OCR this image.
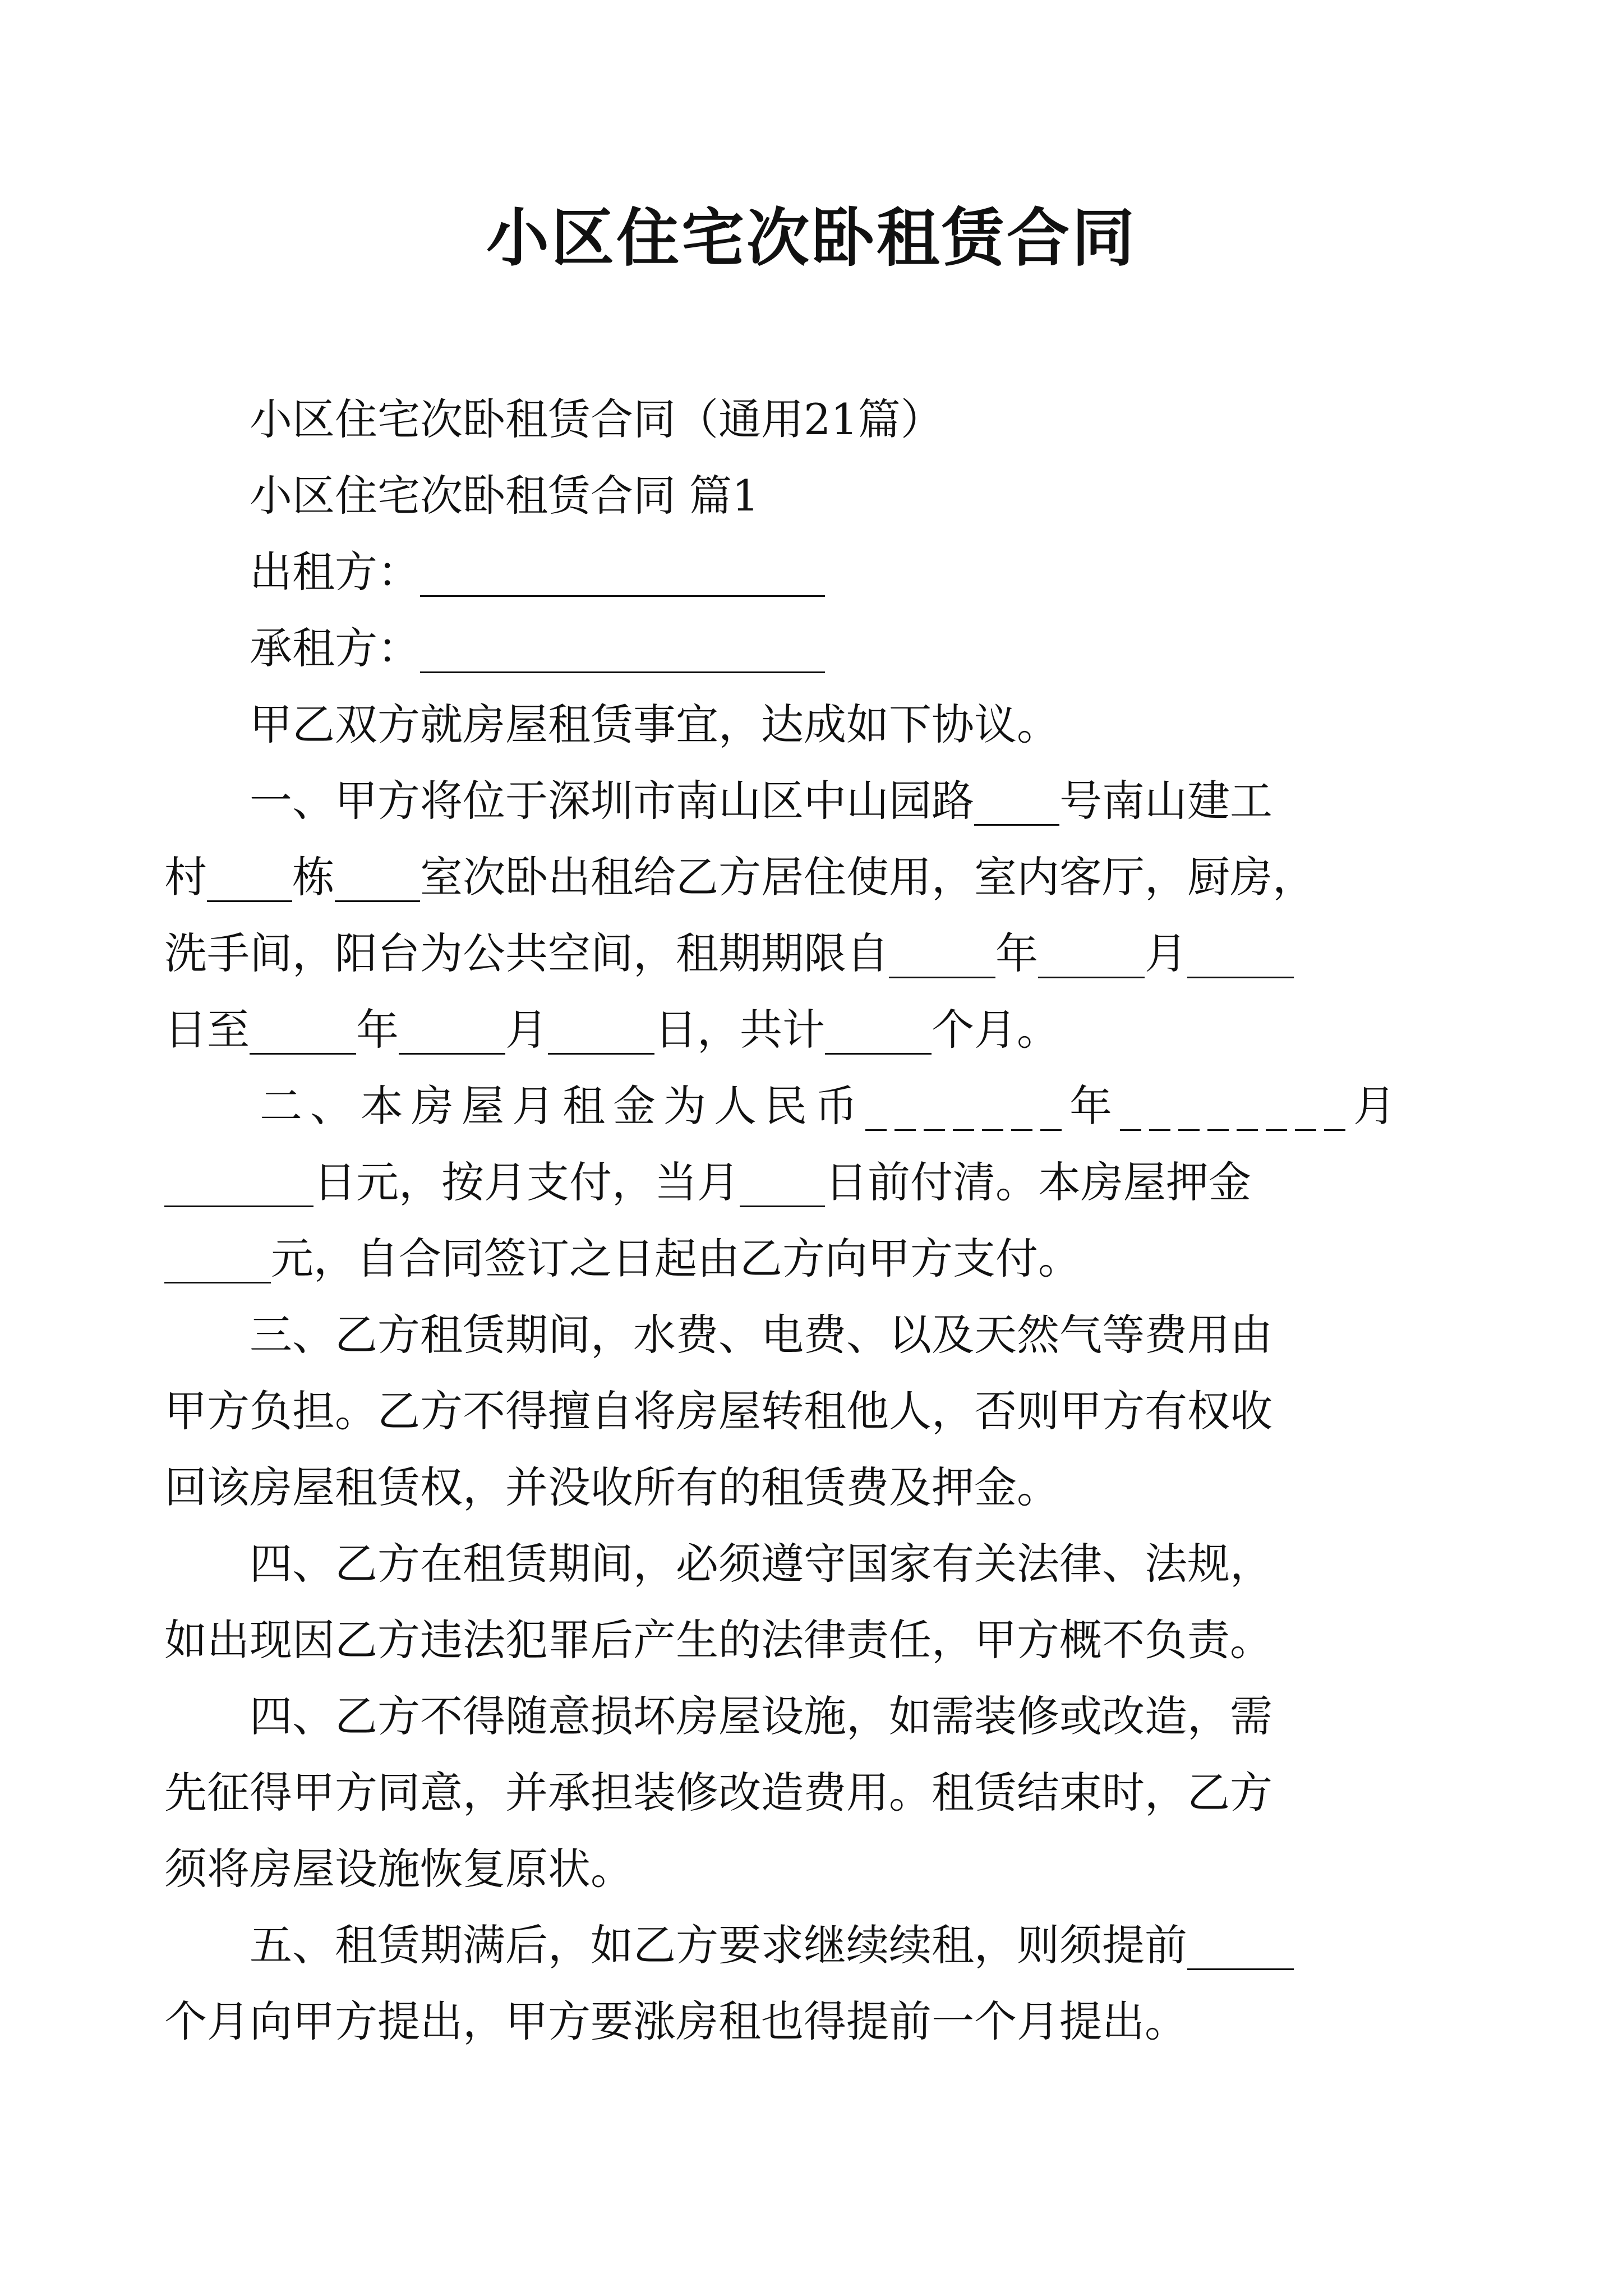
小区住宅次卧租赁合同
小区住宅次卧租赁合同（通用21篇）
小区住宅次卧租赁合同 篇1
出租方：___________________
承租方：___________________
甲乙双方就房屋租赁事宜，达成如下协议。
一、甲方将位于深圳市南山区中山园路____号南山建工
村____栋____室次卧出租给乙方居住使用，室内客厅，厨房，
洗手间，阳台为公共空间，租期期限自_____年_____月_____
日至_____年_____月_____日，共计_____个月。
二、本房屋月租金为人民币_______年________月
_______日元，按月支付，当月____日前付清。本房屋押金
_____元，自合同签订之日起由乙方向甲方支付。
三、乙方租赁期间，水费、电费、以及天然气等费用由
甲方负担。乙方不得擅自将房屋转租他人，否则甲方有权收
回该房屋租赁权，并没收所有的租赁费及押金。
四、乙方在租赁期间，必须遵守国家有关法律、法规，
如出现因乙方违法犯罪后产生的法律责任，甲方概不负责。
四、乙方不得随意损坏房屋设施，如需装修或改造，需
先征得甲方同意，并承担装修改造费用。租赁结束时，乙方
须将房屋设施恢复原状。
五、租赁期满后，如乙方要求继续续租，则须提前_____
个月向甲方提出，甲方要涨房租也得提前一个月提出。
